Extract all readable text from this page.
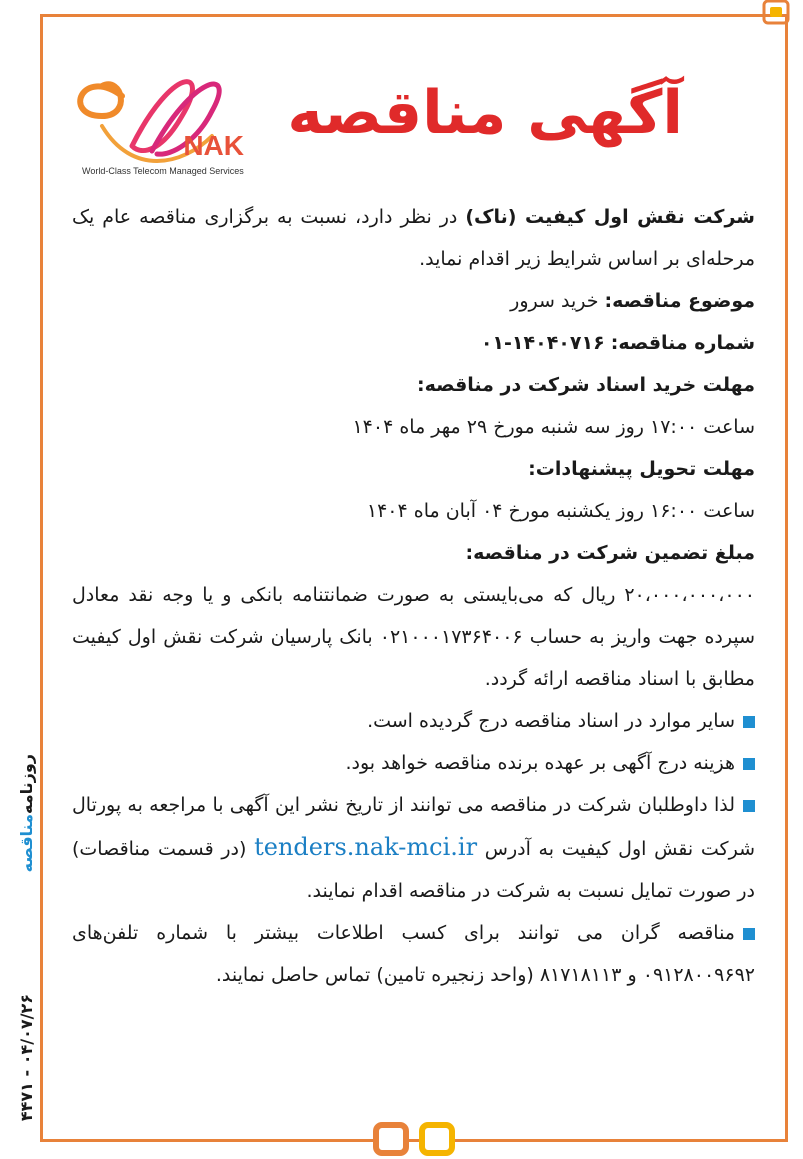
NAK
World-Class Telecom Managed Services
آگهی مناقصه

شرکت نقش اول کیفیت (ناک) در نظر دارد، نسبت به برگزاری مناقصه عام یک مرحله‌ای بر اساس شرایط زیر اقدام نماید.

موضوع مناقصه: خرید سرور

شماره مناقصه: ۱۴۰۴۰۷۱۶-۰۱

مهلت خرید اسناد شرکت در مناقصه:

ساعت ۱۷:۰۰ روز سه شنبه مورخ ۲۹ مهر ماه ۱۴۰۴

مهلت تحویل پیشنهادات:

ساعت ۱۶:۰۰ روز یکشنبه مورخ ۰۴ آبان ماه ۱۴۰۴

مبلغ تضمین شرکت در مناقصه:

۲۰،۰۰۰،۰۰۰،۰۰۰ ریال که می‌بایستی به صورت ضمانتنامه بانکی و یا وجه نقد معادل سپرده جهت واریز به حساب ۰۲۱۰۰۰۱۷۳۶۴۰۰۶ بانک پارسیان شرکت نقش اول کیفیت مطابق با اسناد مناقصه ارائه گردد.

سایر موارد در اسناد مناقصه درج گردیده است.

هزینه درج آگهی بر عهده برنده مناقصه خواهد بود.

لذا داوطلبان شرکت در مناقصه می توانند از تاریخ نشر این آگهی با مراجعه به پورتال شرکت نقش اول کیفیت به آدرس tenders.nak-mci.ir (در قسمت مناقصات) در صورت تمایل نسبت به شرکت در مناقصه اقدام نمایند.

مناقصه گران می توانند برای کسب اطلاعات بیشتر با شماره تلفن‌های ۰۹۱۲۸۰۰۹۶۹۲ و ۸۱۷۱۸۱۱۳ (واحد زنجیره تامین) تماس حاصل نمایند.

۰۴/۰۷/۲۶ - ۴۴۷۱
مناقصه
روزنامه
